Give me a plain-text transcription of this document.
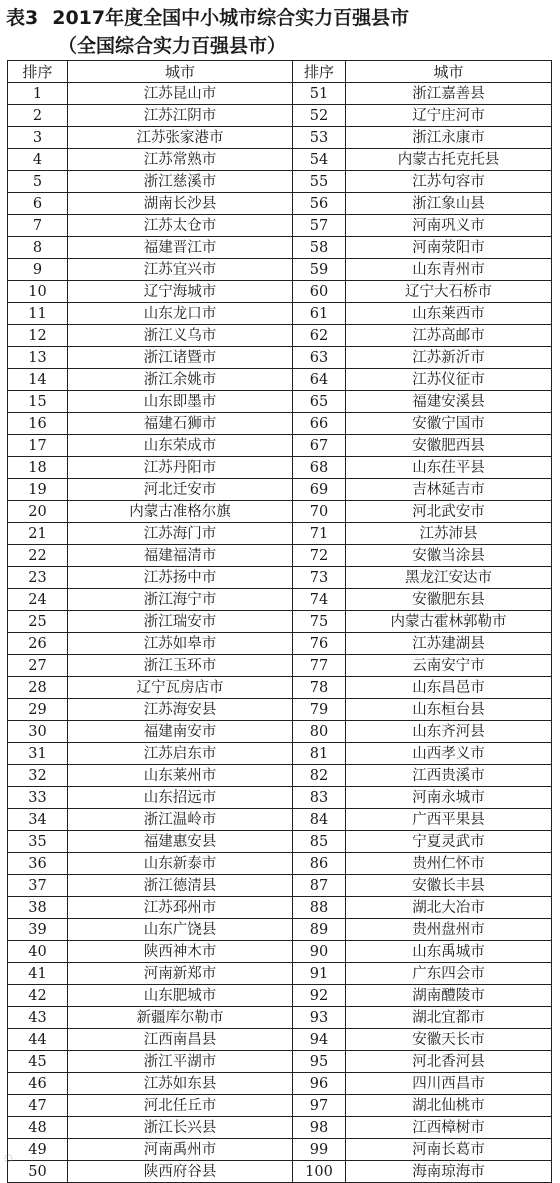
表3 2017年度全国中小城市综合实力百强县市
（全国综合实力百强县市）
排序	城市	排序	城市
1	江苏昆山市	51	浙江嘉善县
2	江苏江阴市	52	辽宁庄河市
3	江苏张家港市	53	浙江永康市
4	江苏常熟市	54	内蒙古托克托县
5	浙江慈溪市	55	江苏句容市
6	湖南长沙县	56	浙江象山县
7	江苏太仓市	57	河南巩义市
8	福建晋江市	58	河南荥阳市
9	江苏宜兴市	59	山东青州市
10	辽宁海城市	60	辽宁大石桥市
11	山东龙口市	61	山东莱西市
12	浙江义乌市	62	江苏高邮市
13	浙江诸暨市	63	江苏新沂市
14	浙江余姚市	64	江苏仪征市
15	山东即墨市	65	福建安溪县
16	福建石狮市	66	安徽宁国市
17	山东荣成市	67	安徽肥西县
18	江苏丹阳市	68	山东茌平县
19	河北迁安市	69	吉林延吉市
20	内蒙古准格尔旗	70	河北武安市
21	江苏海门市	71	江苏沛县
22	福建福清市	72	安徽当涂县
23	江苏扬中市	73	黑龙江安达市
24	浙江海宁市	74	安徽肥东县
25	浙江瑞安市	75	内蒙古霍林郭勒市
26	江苏如皋市	76	江苏建湖县
27	浙江玉环市	77	云南安宁市
28	辽宁瓦房店市	78	山东昌邑市
29	江苏海安县	79	山东桓台县
30	福建南安市	80	山东齐河县
31	江苏启东市	81	山西孝义市
32	山东莱州市	82	江西贵溪市
33	山东招远市	83	河南永城市
34	浙江温岭市	84	广西平果县
35	福建惠安县	85	宁夏灵武市
36	山东新泰市	86	贵州仁怀市
37	浙江德清县	87	安徽长丰县
38	江苏邳州市	88	湖北大冶市
39	山东广饶县	89	贵州盘州市
40	陕西神木市	90	山东禹城市
41	河南新郑市	91	广东四会市
42	山东肥城市	92	湖南醴陵市
43	新疆库尔勒市	93	湖北宜都市
44	江西南昌县	94	安徽天长市
45	浙江平湖市	95	河北香河县
46	江苏如东县	96	四川西昌市
47	河北任丘市	97	湖北仙桃市
48	浙江长兴县	98	江西樟树市
49	河南禹州市	99	河南长葛市
50	陕西府谷县	100	海南琼海市
◌
